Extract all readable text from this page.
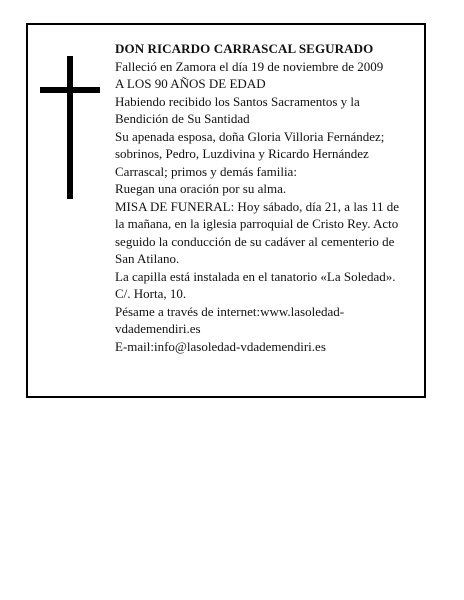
DON RICARDO CARRASCAL SEGURADO
Falleció en Zamora el día 19 de noviembre de 2009
A LOS 90 AÑOS DE EDAD
Habiendo recibido los Santos Sacramentos y la
Bendición de Su Santidad
Su apenada esposa, doña Gloria Villoria Fernández;
sobrinos, Pedro, Luzdivina y Ricardo Hernández
Carrascal; primos y demás familia:
Ruegan una oración por su alma.
MISA DE FUNERAL: Hoy sábado, día 21, a las 11 de
la mañana, en la iglesia parroquial de Cristo Rey. Acto
seguido la conducción de su cadáver al cementerio de
San Atilano.
La capilla está instalada en el tanatorio «La Soledad».
C/. Horta, 10.
Pésame a través de internet:www.lasoledad-
vdademendiri.es
E-mail:info@lasoledad-vdademendiri.es
